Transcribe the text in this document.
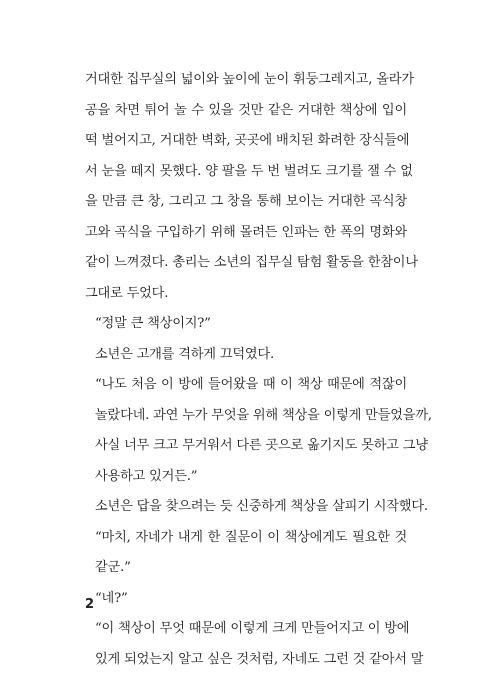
거대한 집무실의 넓이와 높이에 눈이 휘둥그레지고, 올라가
공을 차면 튀어 놀 수 있을 것만 같은 거대한 책상에 입이
떡 벌어지고, 거대한 벽화, 곳곳에 배치된 화려한 장식들에
서 눈을 떼지 못했다. 양 팔을 두 번 벌려도 크기를 잴 수 없
을 만큼 큰 창, 그리고 그 창을 통해 보이는 거대한 곡식창
고와 곡식을 구입하기 위해 몰려든 인파는 한 폭의 명화와
같이 느껴졌다. 총리는 소년의 집무실 탐험 활동을 한참이나
그대로 두었다.

“정말 큰 책상이지?”

소년은 고개를 격하게 끄덕였다.

“나도 처음 이 방에 들어왔을 때 이 책상 때문에 적잖이
놀랐다네. 과연 누가 무엇을 위해 책상을 이렇게 만들었을까,
사실 너무 크고 무거워서 다른 곳으로 옮기지도 못하고 그냥
사용하고 있거든.”

소년은 답을 찾으려는 듯 신중하게 책상을 살피기 시작했다.

“마치, 자네가 내게 한 질문이 이 책상에게도 필요한 것
같군.”

“네?”

“이 책상이 무엇 때문에 이렇게 크게 만들어지고 이 방에
있게 되었는지 알고 싶은 것처럼, 자네도 그런 것 같아서 말

2
